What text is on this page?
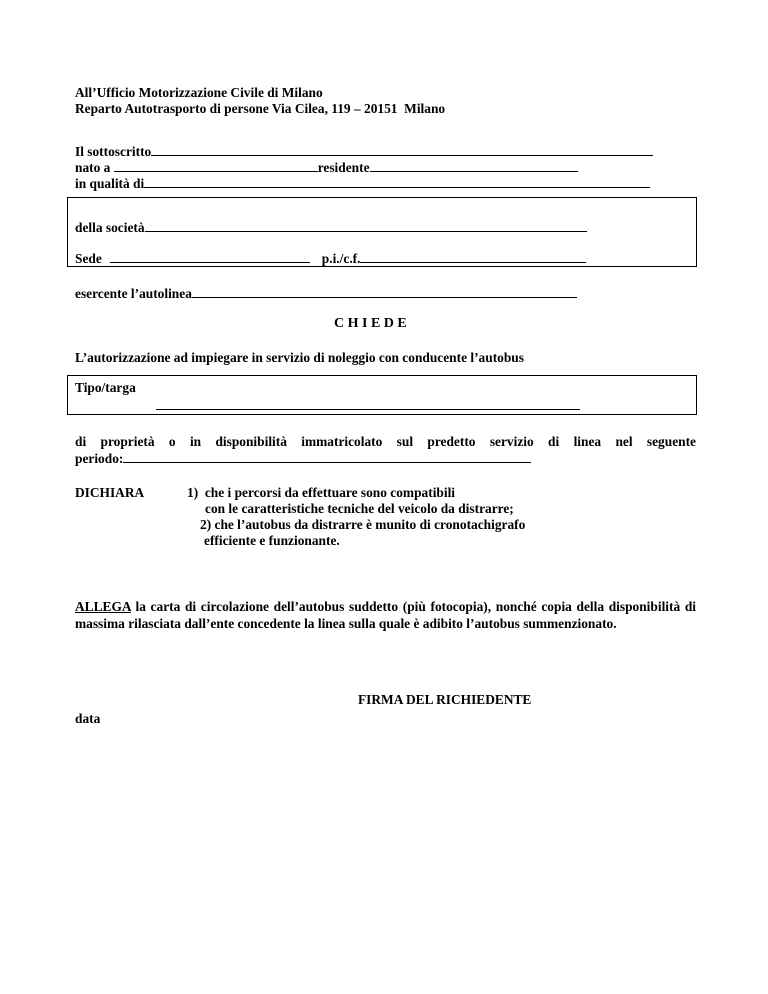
All’Ufficio Motorizzazione Civile di Milano
Reparto Autotrasporto di persone Via Cilea, 119 – 20151  Milano
Il sottoscritto
nato a	residente
in qualità di
della società
Sede	p.i./c.f.
esercente l’autolinea
C H I E D E
L’autorizzazione ad impiegare in servizio di noleggio con conducente l’autobus
Tipo/targa
di proprietà o in disponibilità immatricolato sul predetto servizio di linea nel seguente
periodo:
DICHIARA	1)  che i percorsi da effettuare sono compatibili
con le caratteristiche tecniche del veicolo da distrarre;
2) che l’autobus da distrarre è munito di cronotachigrafo
efficiente e funzionante.
ALLEGA la carta di circolazione dell’autobus suddetto (più fotocopia), nonché copia della disponibilità di massima rilasciata dall’ente concedente la linea sulla quale è adibito l’autobus summenzionato.
FIRMA DEL RICHIEDENTE
data
